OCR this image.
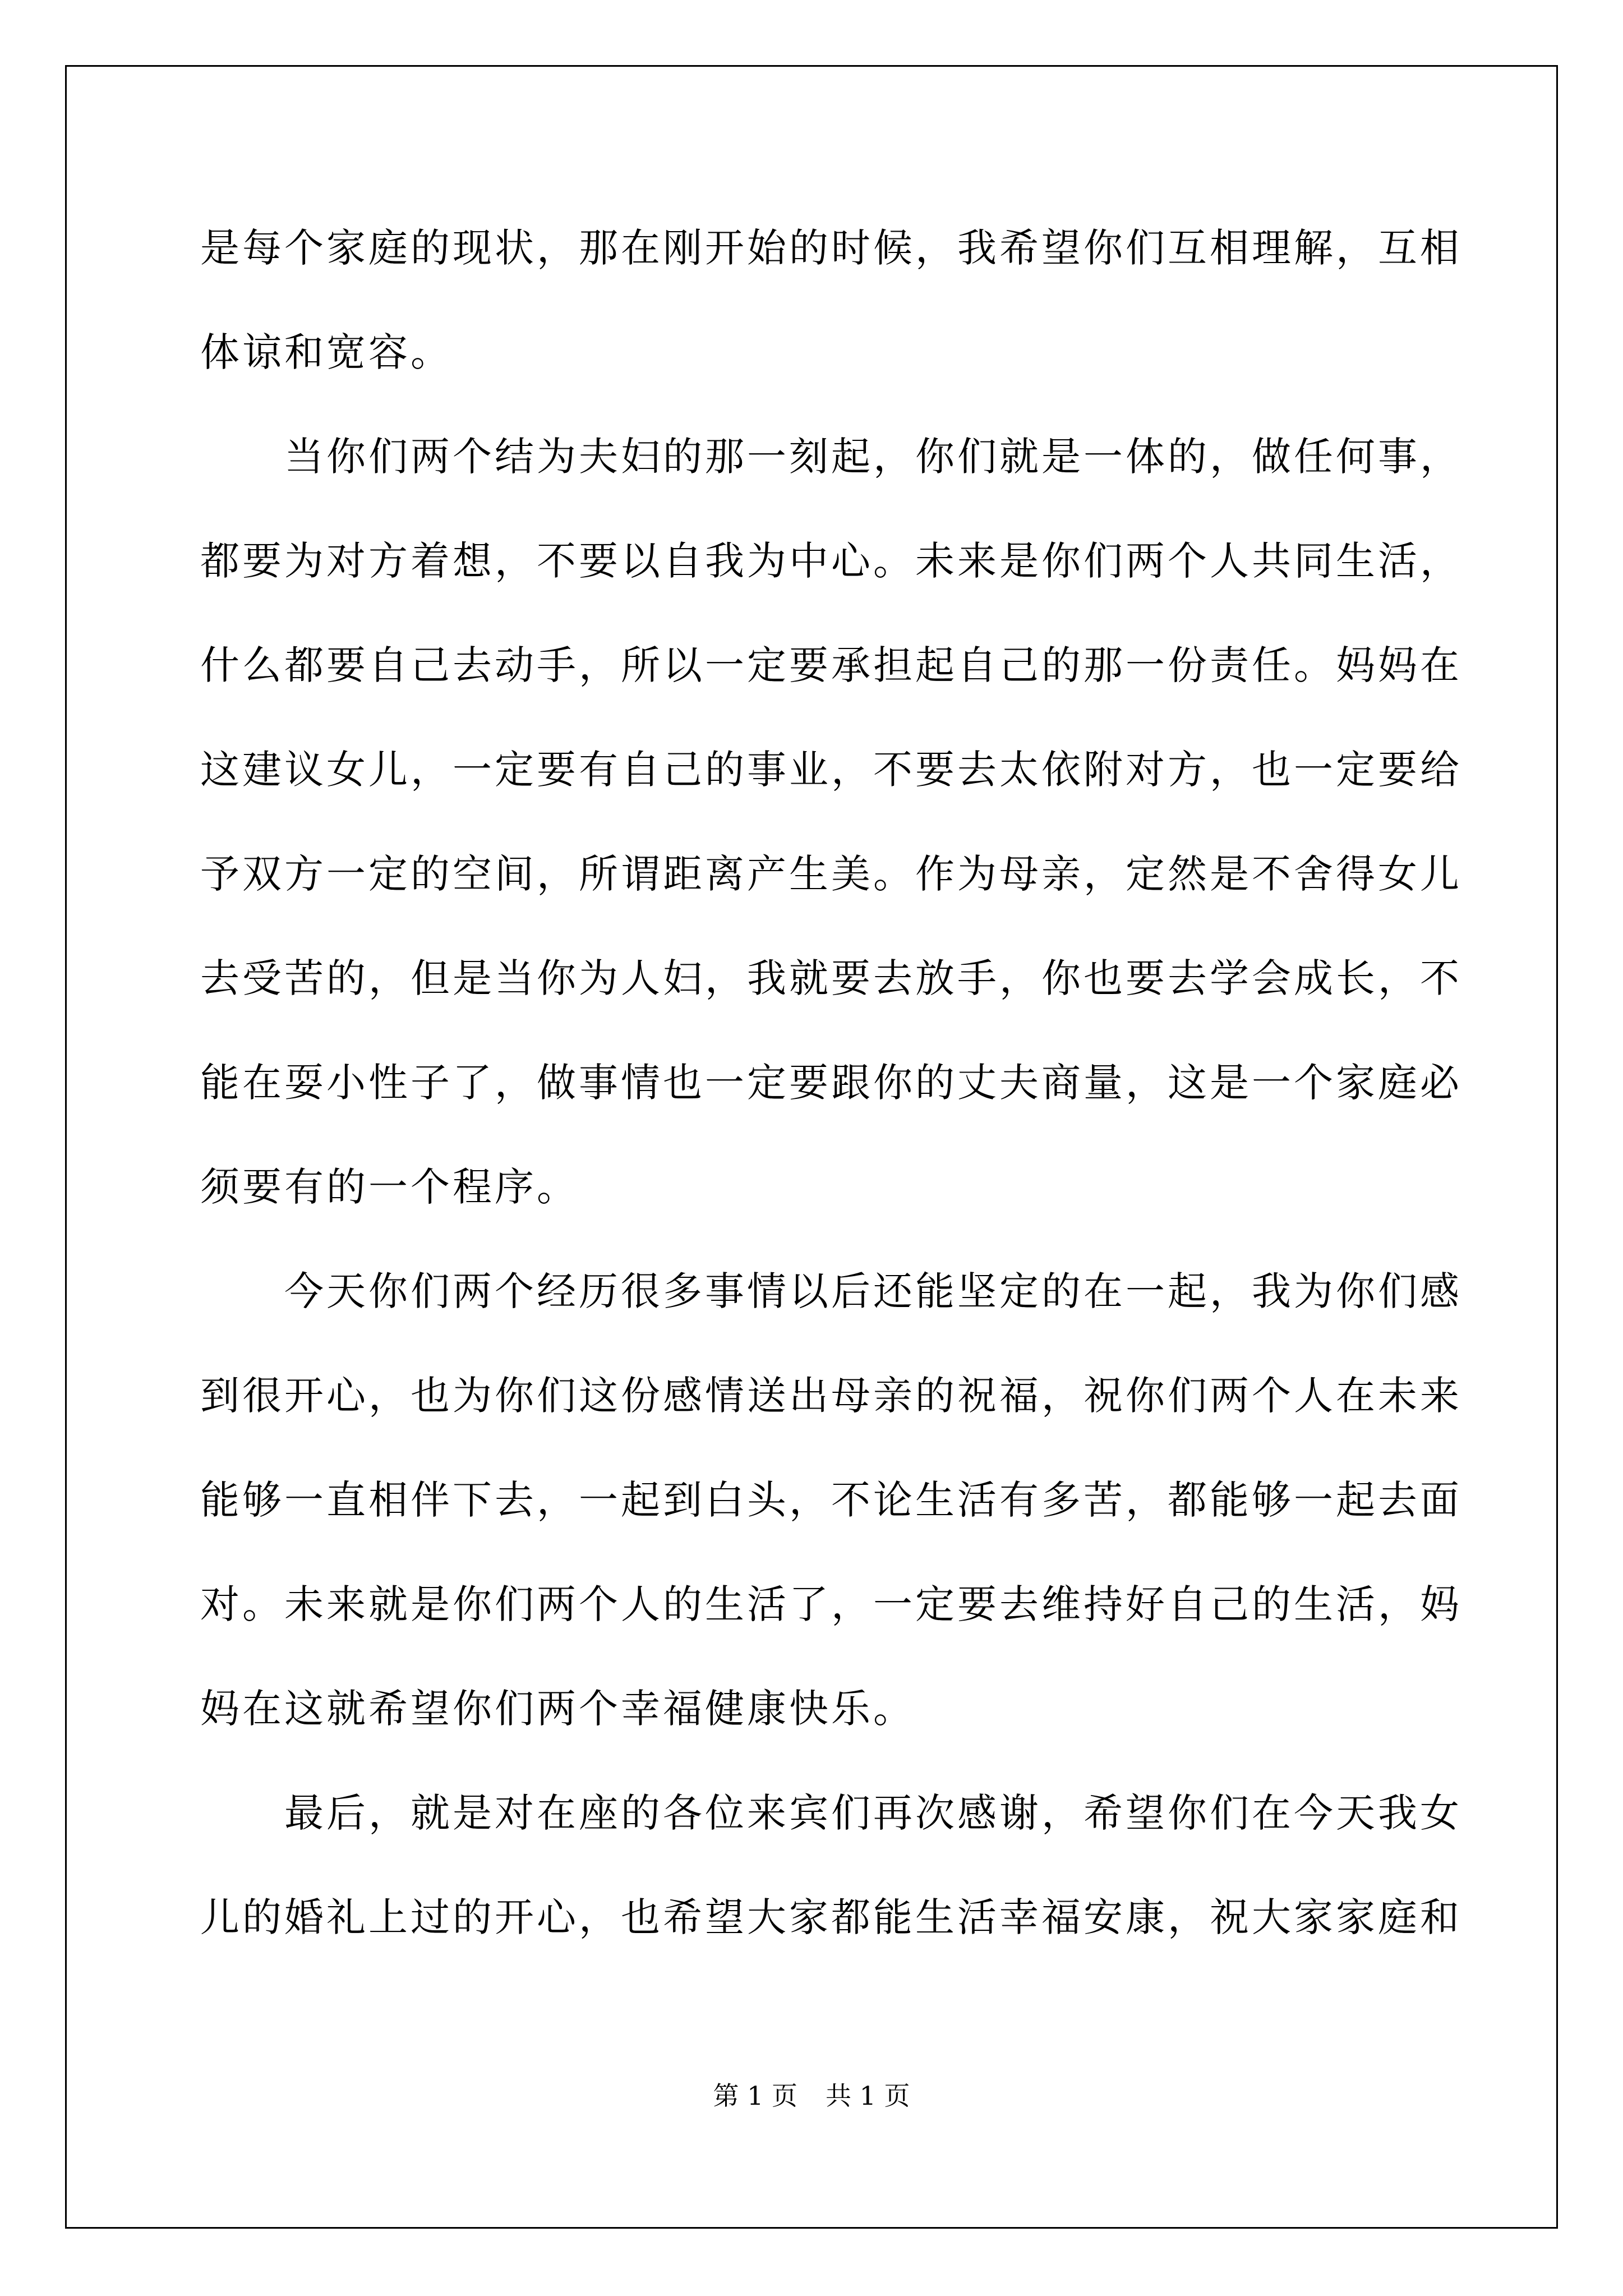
是每个家庭的现状，那在刚开始的时候，我希望你们互相理解，互相
体谅和宽容。
当你们两个结为夫妇的那一刻起，你们就是一体的，做任何事，
都要为对方着想，不要以自我为中心。未来是你们两个人共同生活，
什么都要自己去动手，所以一定要承担起自己的那一份责任。妈妈在
这建议女儿，一定要有自己的事业，不要去太依附对方，也一定要给
予双方一定的空间，所谓距离产生美。作为母亲，定然是不舍得女儿
去受苦的，但是当你为人妇，我就要去放手，你也要去学会成长，不
能在耍小性子了，做事情也一定要跟你的丈夫商量，这是一个家庭必
须要有的一个程序。
今天你们两个经历很多事情以后还能坚定的在一起，我为你们感
到很开心，也为你们这份感情送出母亲的祝福，祝你们两个人在未来
能够一直相伴下去，一起到白头，不论生活有多苦，都能够一起去面
对。未来就是你们两个人的生活了，一定要去维持好自己的生活，妈
妈在这就希望你们两个幸福健康快乐。
最后，就是对在座的各位来宾们再次感谢，希望你们在今天我女
儿的婚礼上过的开心，也希望大家都能生活幸福安康，祝大家家庭和
第 1 页 共 1 页
